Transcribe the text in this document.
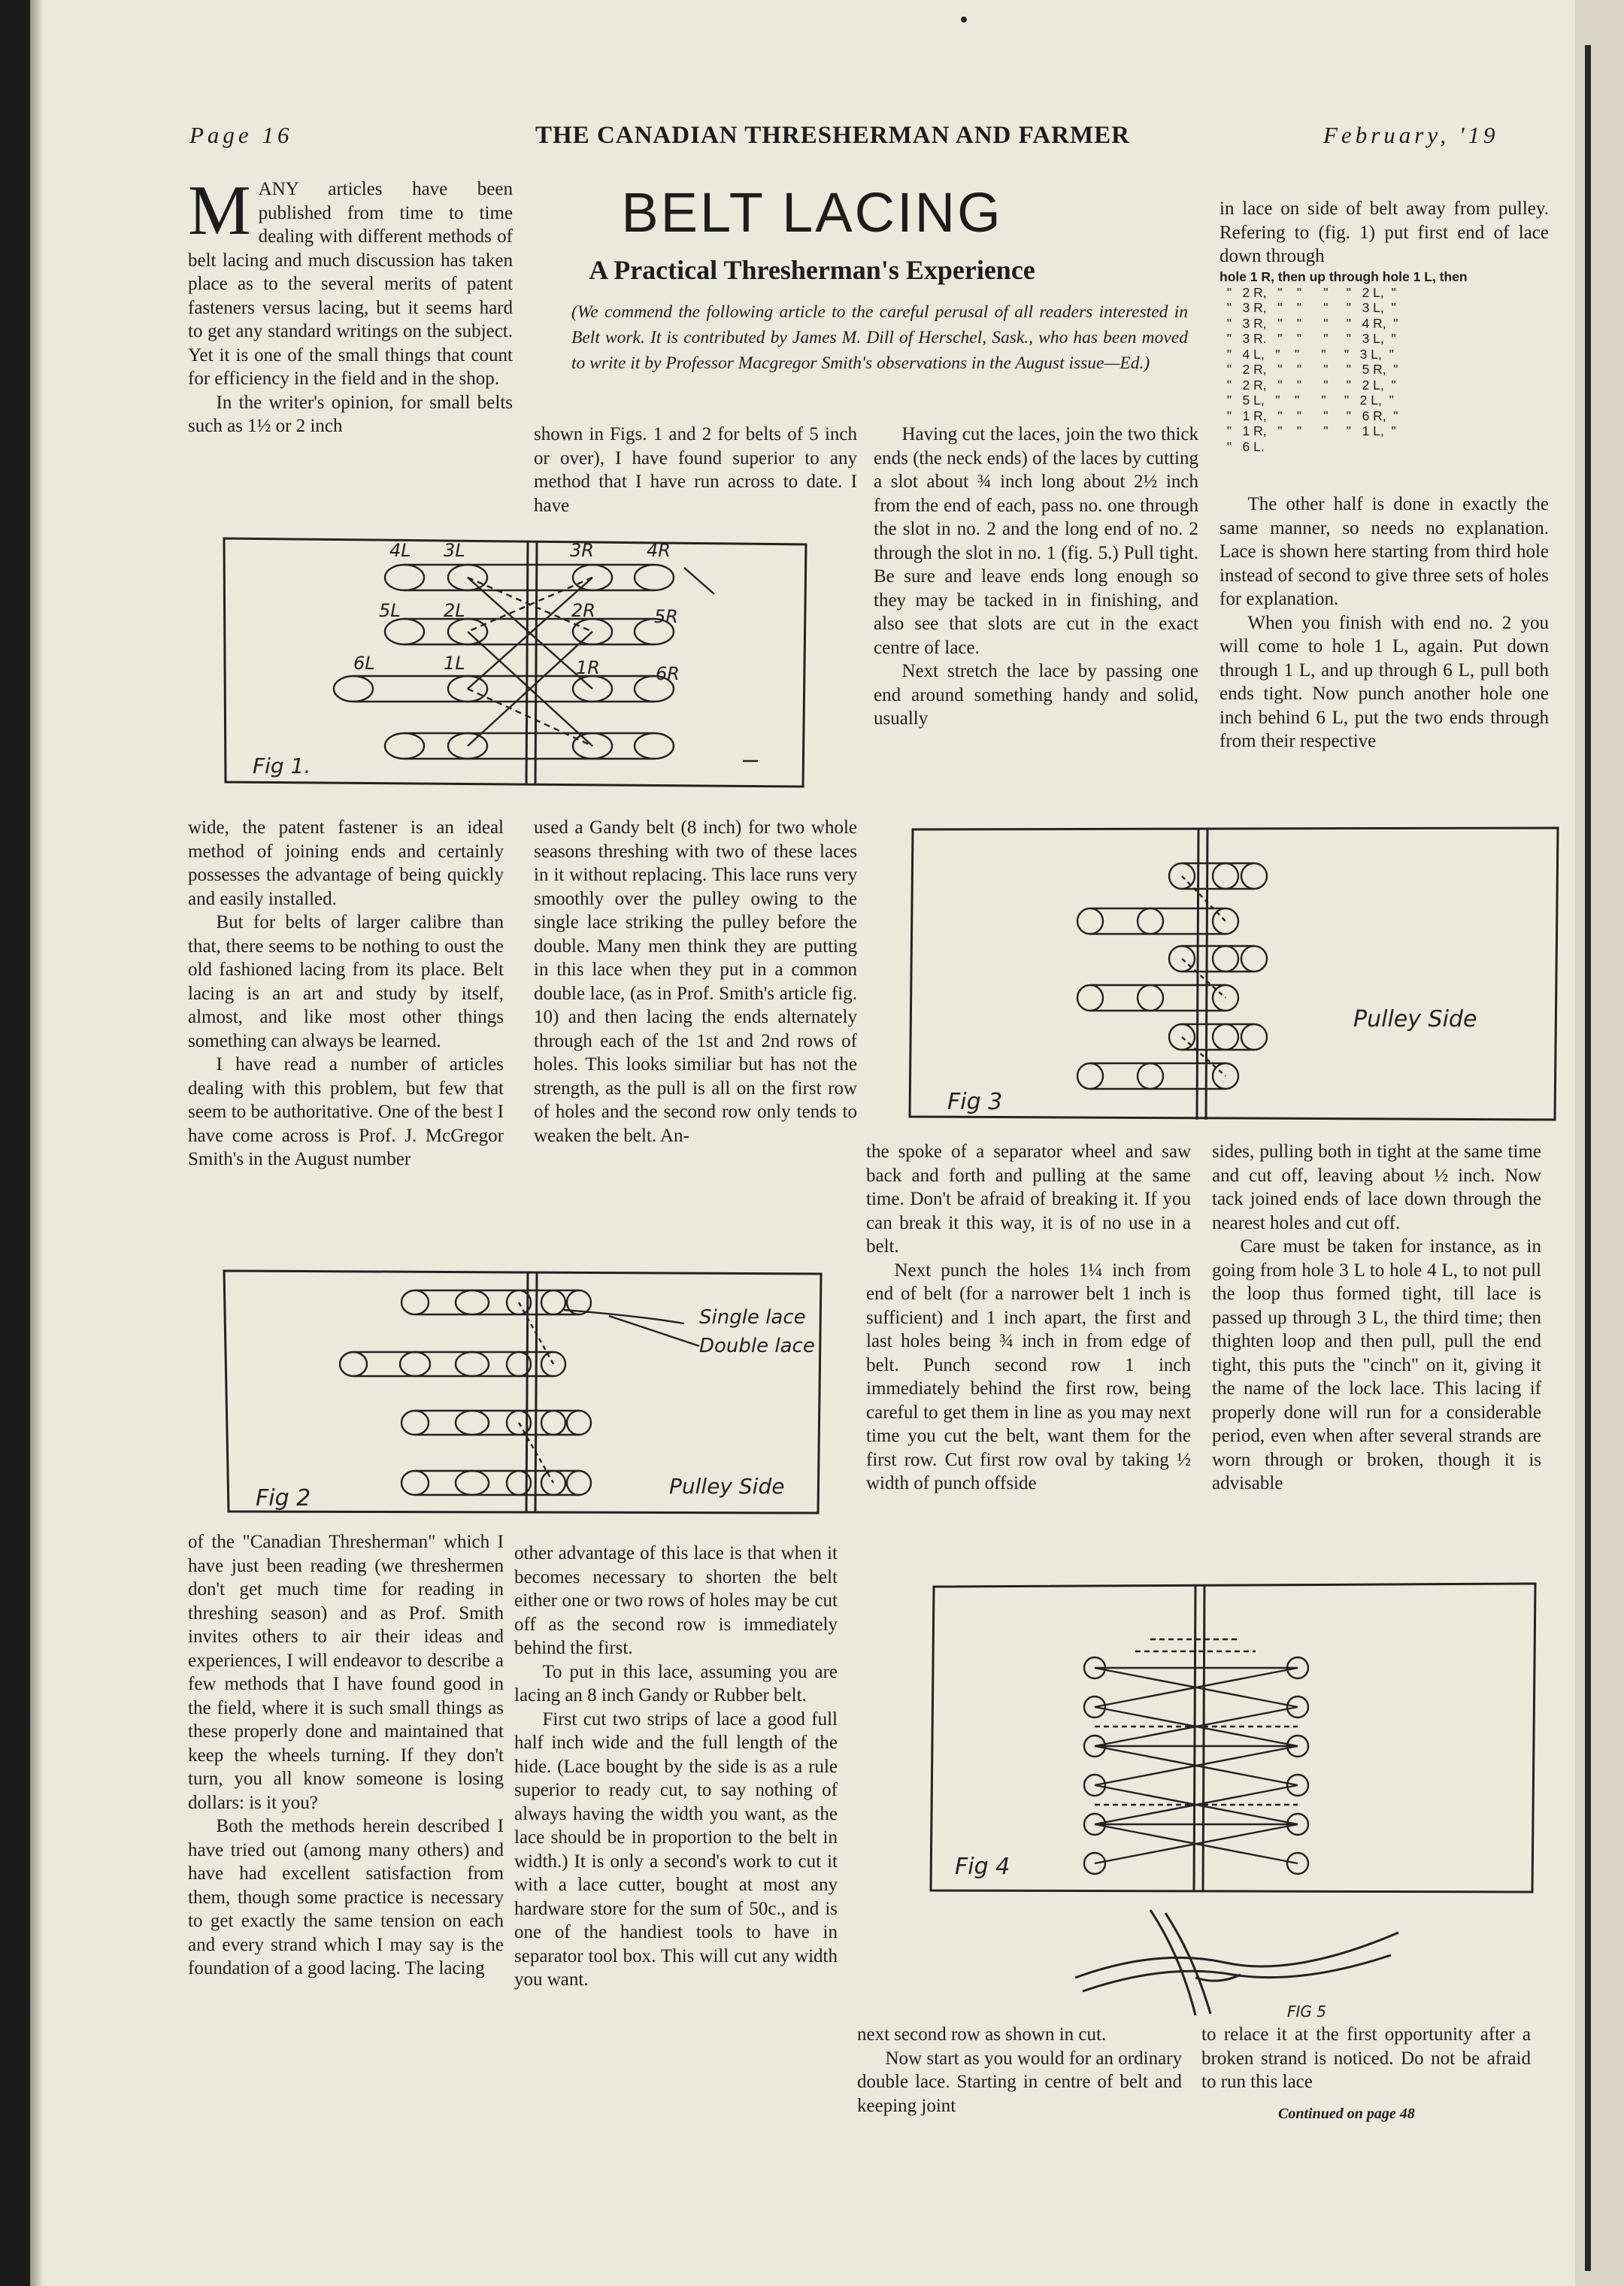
Page 16	THE CANADIAN THRESHERMAN AND FARMER	February, '19
BELT LACING
A Practical Thresherman's Experience
(We commend the following article to the careful perusal of all readers interested in Belt work. It is contributed by James M. Dill of Herschel, Sask., who has been moved to write it by Professor Macgregor Smith's observations in the August issue—Ed.)
M ANY articles have been published from time to time dealing with different methods of belt lacing and much discussion has taken place as to the several merits of patent fasteners versus lacing, but it seems hard to get any standard writings on the subject. Yet it is one of the small things that count for efficiency in the field and in the shop.

In the writer's opinion, for small belts such as 1½ or 2 inch	shown in Figs. 1 and 2 for belts of 5 inch or over), I have found superior to any method that I have run across to date. I have

Having cut the laces, join the two thick ends (the neck ends) of the laces by cutting a slot about ¾ inch long about 2½ inch from the end of each, pass no. one through the slot in no. 2 and the long end of no. 2 through the slot in no. 1 (fig. 5.) Pull tight. Be sure and leave ends long enough so they may be tacked in in finishing, and also see that slots are cut in the exact centre of lace.

Next stretch the lace by passing one end around something handy and solid, usually

in lace on side of belt away from pulley. Refering to (fig. 1) put first end of lace down through

hole 1 R, then up through hole 1 L, then
"   2 R,   "    "      "     "   2 L,  "
"   3 R,   "    "      "     "   3 L,  "
"   3 R,   "    "      "     "   4 R,  "
"   3 R.   "    "      "     "   3 L,  "
"   4 L,   "    "      "     "   3 L,  "
"   2 R,   "    "      "     "   5 R,  "
"   2 R,   "    "      "     "   2 L,  "
"   5 L,   "    "      "     "   2 L,  "
"   1 R,   "    "      "     "   6 R,  "
"   1 R,   "    "      "     "   1 L,  "
"   6 L.

The other half is done in exactly the same manner, so needs no explanation. Lace is shown here starting from third hole instead of second to give three sets of holes for explanation.

When you finish with end no. 2 you will come to hole 1 L, again. Put down through 1 L, and up through 6 L, pull both ends tight. Now punch another hole one inch behind 6 L, put the two ends through from their respective

4L 3L	3R	4R
5L 2L	2R	5R
6L	1L	1R	6R
Fig 1.

wide, the patent fastener is an ideal method of joining ends and certainly possesses the advantage of being quickly and easily installed.

But for belts of larger calibre than that, there seems to be nothing to oust the old fashioned lacing from its place. Belt lacing is an art and study by itself, almost, and like most other things something can always be learned.

I have read a number of articles dealing with this problem, but few that seem to be authoritative. One of the best I have come across is Prof. J. McGregor Smith's in the August number

used a Gandy belt (8 inch) for two whole seasons threshing with two of these laces in it without replacing. This lace runs very smoothly over the pulley owing to the single lace striking the pulley before the double. Many men think they are putting in this lace when they put in a common double lace, (as in Prof. Smith's article fig. 10) and then lacing the ends alternately through each of the 1st and 2nd rows of holes. This looks similiar but has not the strength, as the pull is all on the first row of holes and the second row only tends to weaken the belt. An-

Fig 3
Pulley Side

the spoke of a separator wheel and saw back and forth and pulling at the same time. Don't be afraid of breaking it. If you can break it this way, it is of no use in a belt.

Next punch the holes 1¼ inch from end of belt (for a narrower belt 1 inch is sufficient) and 1 inch apart, the first and last holes being ¾ inch in from edge of belt. Punch second row 1 inch immediately behind the first row, being careful to get them in line as you may next time you cut the belt, want them for the first row. Cut first row oval by taking ½ width of punch offside

sides, pulling both in tight at the same time and cut off, leaving about ½ inch. Now tack joined ends of lace down through the nearest holes and cut off.

Care must be taken for instance, as in going from hole 3 L to hole 4 L, to not pull the loop thus formed tight, till lace is passed up through 3 L, the third time; then thighten loop and then pull, pull the end tight, this puts the "cinch" on it, giving it the name of the lock lace. This lacing if properly done will run for a considerable period, even when after several strands are worn through or broken, though it is advisable

Single lace
Double lace
Pulley Side
Fig 2

of the "Canadian Thresherman" which I have just been reading (we threshermen don't get much time for reading in threshing season) and as Prof. Smith invites others to air their ideas and experiences, I will endeavor to describe a few methods that I have found good in the field, where it is such small things as these properly done and maintained that keep the wheels turning. If they don't turn, you all know someone is losing dollars: is it you?

Both the methods herein described I have tried out (among many others) and have had excellent satisfaction from them, though some practice is necessary to get exactly the same tension on each and every strand which I may say is the foundation of a good lacing. The lacing

other advantage of this lace is that when it becomes necessary to shorten the belt either one or two rows of holes may be cut off as the second row is immediately behind the first.

To put in this lace, assuming you are lacing an 8 inch Gandy or Rubber belt.

First cut two strips of lace a good full half inch wide and the full length of the hide. (Lace bought by the side is as a rule superior to ready cut, to say nothing of always having the width you want, as the lace should be in proportion to the belt in width.) It is only a second's work to cut it with a lace cutter, bought at most any hardware store for the sum of 50c., and is one of the handiest tools to have in separator tool box. This will cut any width you want.

Fig 4
FIG 5

next second row as shown in cut.

Now start as you would for an ordinary double lace. Starting in centre of belt and keeping joint

to relace it at the first opportunity after a broken strand is noticed. Do not be afraid to run this lace

Continued on page 48
